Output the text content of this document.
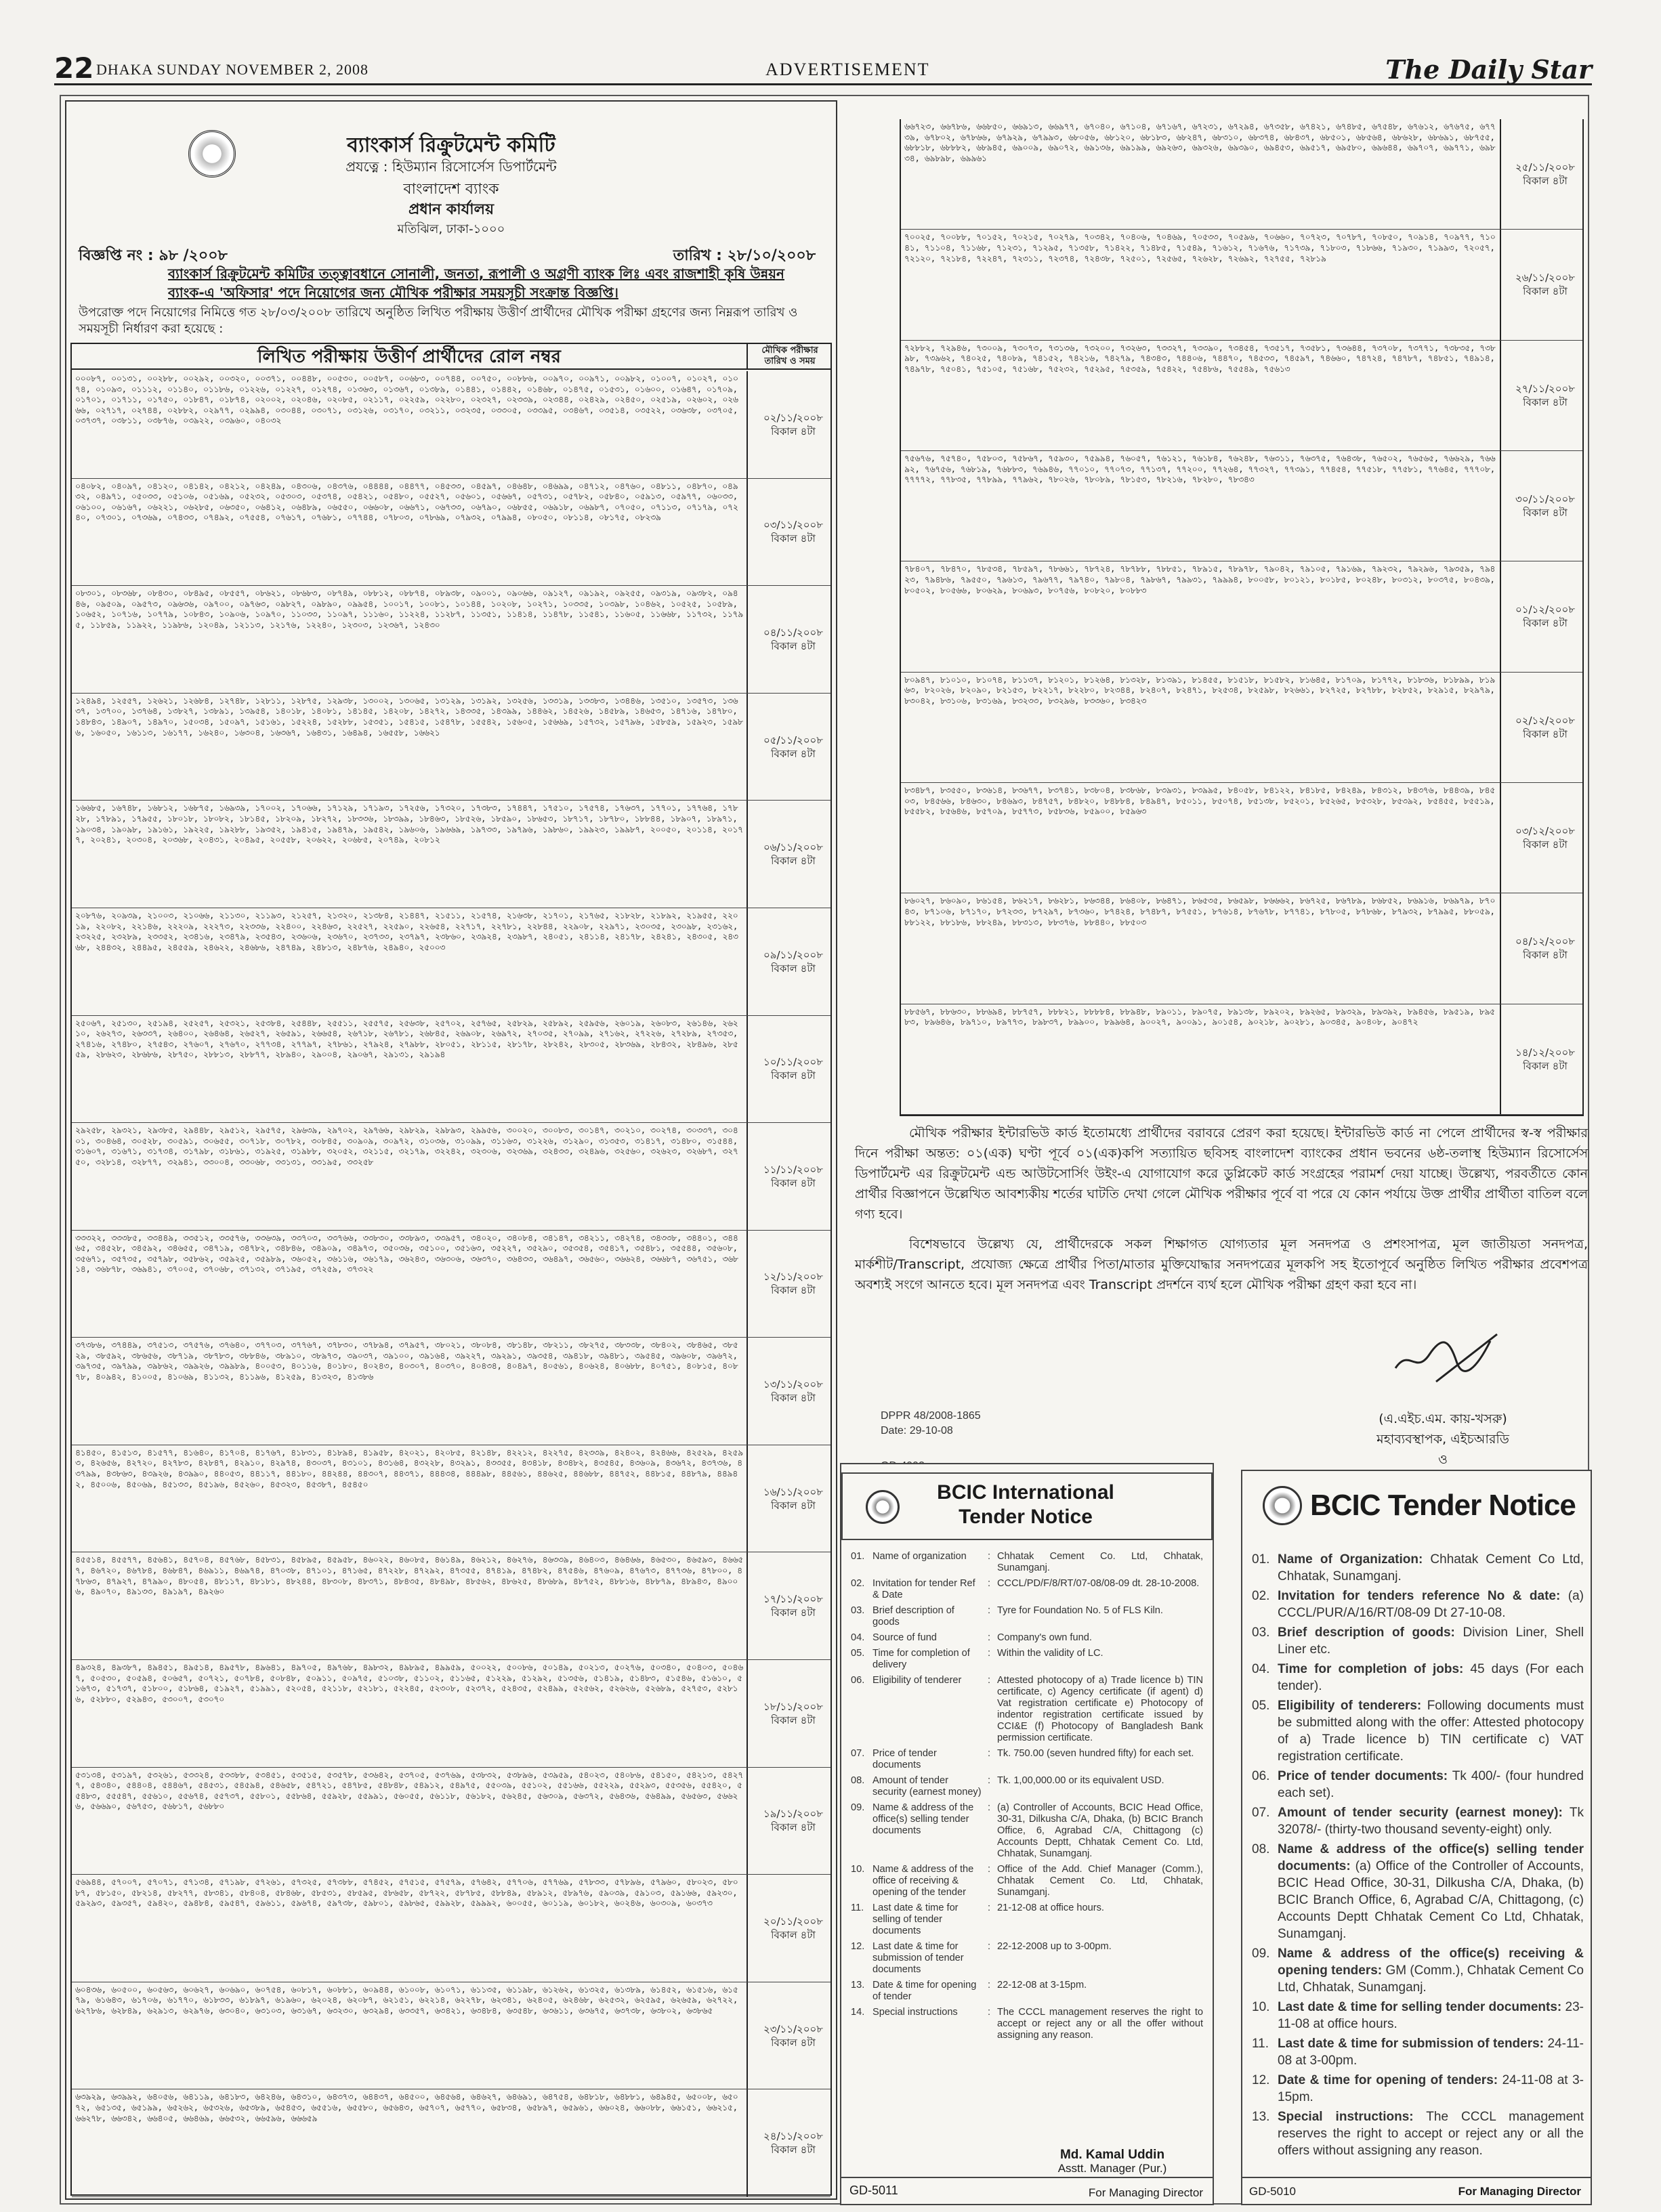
22 DHAKA SUNDAY NOVEMBER 2, 2008	ADVERTISEMENT	The Daily Star
ব্যাংকার্স রিক্রুটমেন্ট কমিটি
প্রযত্নে : হিউম্যান রিসোর্সেস ডিপার্টমেন্ট
বাংলাদেশ ব্যাংক
প্রধান কার্যালয়
মতিঝিল, ঢাকা-১০০০
বিজ্ঞপ্তি নং : ৯৮ /২০০৮	তারিখ : ২৮/১০/২০০৮
ব্যাংকার্স রিক্রুটমেন্ট কমিটির তত্ত্বাবধানে সোনালী, জনতা, রূপালী ও অগ্রণী ব্যাংক লিঃ এবং রাজশাহী কৃষি উন্নয়ন ব্যাংক-এ 'অফিসার' পদে নিয়োগের জন্য মৌখিক পরীক্ষার সময়সূচী সংক্রান্ত বিজ্ঞপ্তি।
উপরোক্ত পদে নিয়োগের নিমিত্তে গত ২৮/০৩/২০০৮ তারিখে অনুষ্ঠিত লিখিত পরীক্ষায় উত্তীর্ণ প্রার্থীদের মৌখিক পরীক্ষা গ্রহণের জন্য নিম্নরূপ তারিখ ও সময়সূচী নির্ধারণ করা হয়েছে :
লিখিত পরীক্ষায় উত্তীর্ণ প্রার্থীদের রোল নম্বর	মৌখিক পরীক্ষার তারিখ ও সময়
০০০৮৭, ০০১৩১, ০০২৮৮, ০০২৯২, ০০৩২০, ০০৩৭১, ০০৪৪৮, ০০৫৩০, ০০৫৮৭, ০০৬৮৩, ০০৭৪৪, ০০৭৫০, ০০৮৮৬, ০০৯৭০, ০০৯৭১, ০০৯৮২, ০১০০৭, ০১০২৭, ০১০৭৪, ০১০৯৩, ০১১১২, ০১১৪০, ০১১৮৬, ০১২২৬, ০১২২৭, ০১২৭৪, ০১৩৬৩, ০১৩৬৭, ০১৩৮৯, ০১৪৪১, ০১৪৪২, ০১৪৬৮, ০১৪৭৫, ০১৫৩১, ০১৬০০, ০১৬৪৭, ০১৭০৯, ০১৭০১, ০১৭১১, ০১৭৫০, ০১৮৪৭, ০১৮৭৪, ০২০০২, ০২০৪৬, ০২০৮৫, ০২১১৭, ০২২৫৯, ০২২৮০, ০২৩২৭, ০২৩৩৯, ০২৩৪৪, ০২৪২৯, ০২৪৫০, ০২৫১৯, ০২৬০২, ০২৬৬৬, ০২৭১৭, ০২৭৪৪, ০২৮৮২, ০২৯৭৭, ০২৯৯৪, ০৩০৪৪, ০৩০৭১, ০৩১২৬, ০৩১৭০, ০৩২১১, ০৩২৩৫, ০৩৩০৫, ০৩৩৯৫, ০৩৪৬৭, ০৩৫১৪, ০৩৫২২, ০৩৬৩৮, ০৩৭০৫, ০৩৭৩৭, ০৩৮১১, ০৩৮৭৬, ০৩৯২২, ০৩৯৬০, ০৪০৩২	০২/১১/২০০৮
বিকাল ৪টা
০৪০৮২, ০৪০৯৭, ০৪১২০, ০৪১৪২, ০৪২১২, ০৪২৪৯, ০৪৩০৬, ০৪৩৭৬, ০৪৪৪৪, ০৪৪৭৭, ০৪৫৩৩, ০৪৫৯৭, ০৪৬৪৮, ০৪৬৯৯, ০৪৭১২, ০৪৭৬০, ০৪৮১১, ০৪৮৭০, ০৪৯৩২, ০৪৯৭১, ০৫০৩৩, ০৫১০৬, ০৫১৬৯, ০৫২৩২, ০৫৩০৩, ০৫৩৭৪, ০৫৪২১, ০৫৪৮০, ০৫৫২৭, ০৫৬০১, ০৫৬৬৭, ০৫৭৩১, ০৫৭৮২, ০৫৮৪০, ০৫৯১৩, ০৫৯৭৭, ০৬০৩৩, ০৬১০০, ০৬১৬৭, ০৬২২১, ০৬২৮৫, ০৬৩৫০, ০৬৪১২, ০৬৪৮৯, ০৬৫৫০, ০৬৬০৮, ০৬৬৭১, ০৬৭৩৩, ০৬৭৯০, ০৬৮৫৫, ০৬৯১৮, ০৬৯৮৭, ০৭০৫০, ০৭১১৩, ০৭১৭৯, ০৭২৪০, ০৭৩০১, ০৭৩৬৯, ০৭৪৩৩, ০৭৪৯২, ০৭৫৫৪, ০৭৬১৭, ০৭৬৮১, ০৭৭৪৪, ০৭৮০৩, ০৭৮৬৯, ০৭৯৩২, ০৭৯৯৪, ০৮০৫০, ০৮১১৪, ০৮১৭৫, ০৮২৩৯
০৩/১১/২০০৮
বিকাল ৪টা
০৮৩০১, ০৮৩৬৮, ০৮৪৩০, ০৮৪৯৫, ০৮৫৫৭, ০৮৬২১, ০৮৬৮৩, ০৮৭৪৯, ০৮৮১২, ০৮৮৭৪, ০৮৯৩৮, ০৯০০১, ০৯০৬৬, ০৯১২৭, ০৯১৯২, ০৯২৫৫, ০৯৩১৯, ০৯৩৮২, ০৯৪৪৬, ০৯৫০৯, ০৯৫৭৩, ০৯৬৩৬, ০৯৭০০, ০৯৭৬৩, ০৯৮২৭, ০৯৮৯০, ০৯৯৫৪, ১০০১৭, ১০০৮১, ১০১৪৪, ১০২০৮, ১০২৭১, ১০৩৩৫, ১০৩৯৮, ১০৪৬২, ১০৫২৫, ১০৫৮৯, ১০৬৫২, ১০৭১৬, ১০৭৭৯, ১০৮৪৩, ১০৯০৬, ১০৯৭০, ১১০৩৩, ১১০৯৭, ১১১৬০, ১১২২৪, ১১২৮৭, ১১৩৫১, ১১৪১৪, ১১৪৭৮, ১১৫৪১, ১১৬০৫, ১১৬৬৮, ১১৭৩২, ১১৭৯৫, ১১৮৫৯, ১১৯২২, ১১৯৮৬, ১২০৪৯, ১২১১৩, ১২১৭৬, ১২২৪০, ১২৩০৩, ১২৩৬৭, ১২৪৩০
০৪/১১/২০০৮
বিকাল ৪টা
১২৪৯৪, ১২৫৫৭, ১২৬২১, ১২৬৮৪, ১২৭৪৮, ১২৮১১, ১২৮৭৫, ১২৯৩৮, ১৩০০২, ১৩০৬৫, ১৩১২৯, ১৩১৯২, ১৩২৫৬, ১৩৩১৯, ১৩৩৮৩, ১৩৪৪৬, ১৩৫১০, ১৩৫৭৩, ১৩৬৩৭, ১৩৭০০, ১৩৭৬৪, ১৩৮২৭, ১৩৮৯১, ১৩৯৫৪, ১৪০১৮, ১৪০৮১, ১৪১৪৫, ১৪২০৮, ১৪২৭২, ১৪৩৩৫, ১৪৩৯৯, ১৪৪৬২, ১৪৫২৬, ১৪৫৮৯, ১৪৬৫৩, ১৪৭১৬, ১৪৭৮০, ১৪৮৪৩, ১৪৯০৭, ১৪৯৭০, ১৫০৩৪, ১৫০৯৭, ১৫১৬১, ১৫২২৪, ১৫২৮৮, ১৫৩৫১, ১৫৪১৫, ১৫৪৭৮, ১৫৫৪২, ১৫৬০৫, ১৫৬৬৯, ১৫৭৩২, ১৫৭৯৬, ১৫৮৫৯, ১৫৯২৩, ১৫৯৮৬, ১৬০৫০, ১৬১১৩, ১৬১৭৭, ১৬২৪০, ১৬৩০৪, ১৬৩৬৭, ১৬৪৩১, ১৬৪৯৪, ১৬৫৫৮, ১৬৬২১
০৫/১১/২০০৮
বিকাল ৪টা
১৬৬৮৫, ১৬৭৪৮, ১৬৮১২, ১৬৮৭৫, ১৬৯৩৯, ১৭০০২, ১৭০৬৬, ১৭১২৯, ১৭১৯৩, ১৭২৫৬, ১৭৩২০, ১৭৩৮৩, ১৭৪৪৭, ১৭৫১০, ১৭৫৭৪, ১৭৬৩৭, ১৭৭০১, ১৭৭৬৪, ১৭৮২৮, ১৭৮৯১, ১৭৯৫৫, ১৮০১৮, ১৮০৮২, ১৮১৪৫, ১৮২০৯, ১৮২৭২, ১৮৩৩৬, ১৮৩৯৯, ১৮৪৬৩, ১৮৫২৬, ১৮৫৯০, ১৮৬৫৩, ১৮৭১৭, ১৮৭৮০, ১৮৮৪৪, ১৮৯০৭, ১৮৯৭১, ১৯০৩৪, ১৯০৯৮, ১৯১৬১, ১৯২২৫, ১৯২৮৮, ১৯৩৫২, ১৯৪১৫, ১৯৪৭৯, ১৯৫৪২, ১৯৬০৬, ১৯৬৬৯, ১৯৭৩৩, ১৯৭৯৬, ১৯৮৬০, ১৯৯২৩, ১৯৯৮৭, ২০০৫০, ২০১১৪, ২০১৭৭, ২০২৪১, ২০৩০৪, ২০৩৬৮, ২০৪৩১, ২০৪৯৫, ২০৫৫৮, ২০৬২২, ২০৬৮৫, ২০৭৪৯, ২০৮১২
০৬/১১/২০০৮
বিকাল ৪টা
২০৮৭৬, ২০৯৩৯, ২১০০৩, ২১০৬৬, ২১১৩০, ২১১৯৩, ২১২৫৭, ২১৩২০, ২১৩৮৪, ২১৪৪৭, ২১৫১১, ২১৫৭৪, ২১৬৩৮, ২১৭০১, ২১৭৬৫, ২১৮২৮, ২১৮৯২, ২১৯৫৫, ২২০১৯, ২২০৮২, ২২১৪৬, ২২২০৯, ২২২৭৩, ২২৩৩৬, ২২৪০০, ২২৪৬৩, ২২৫২৭, ২২৫৯০, ২২৬৫৪, ২২৭১৭, ২২৭৮১, ২২৮৪৪, ২২৯০৮, ২২৯৭১, ২৩০৩৫, ২৩০৯৮, ২৩১৬২, ২৩২২৫, ২৩২৮৯, ২৩৩৫২, ২৩৪১৬, ২৩৪৭৯, ২৩৫৪৩, ২৩৬০৬, ২৩৬৭০, ২৩৭৩৩, ২৩৭৯৭, ২৩৮৬০, ২৩৯২৪, ২৩৯৮৭, ২৪০৫১, ২৪১১৪, ২৪১৭৮, ২৪২৪১, ২৪৩০৫, ২৪৩৬৮, ২৪৪৩২, ২৪৪৯৫, ২৪৫৫৯, ২৪৬২২, ২৪৬৮৬, ২৪৭৪৯, ২৪৮১৩, ২৪৮৭৬, ২৪৯৪০, ২৫০০৩
০৯/১১/২০০৮
বিকাল ৪টা
২৫০৬৭, ২৫১৩০, ২৫১৯৪, ২৫২৫৭, ২৫৩২১, ২৫৩৮৪, ২৫৪৪৮, ২৫৫১১, ২৫৫৭৫, ২৫৬৩৮, ২৫৭০২, ২৫৭৬৫, ২৫৮২৯, ২৫৮৯২, ২৫৯৫৬, ২৬০১৯, ২৬০৮৩, ২৬১৪৬, ২৬২১০, ২৬২৭৩, ২৬৩৩৭, ২৬৪০০, ২৬৪৬৪, ২৬৫২৭, ২৬৫৯১, ২৬৬৫৪, ২৬৭১৮, ২৬৭৮১, ২৬৮৪৫, ২৬৯০৮, ২৬৯৭২, ২৭০৩৫, ২৭০৯৯, ২৭১৬২, ২৭২২৬, ২৭২৮৯, ২৭৩৫৩, ২৭৪১৬, ২৭৪৮০, ২৭৫৪৩, ২৭৬০৭, ২৭৬৭০, ২৭৭৩৪, ২৭৭৯৭, ২৭৮৬১, ২৭৯২৪, ২৭৯৮৮, ২৮০৫১, ২৮১১৫, ২৮১৭৮, ২৮২৪২, ২৮৩০৫, ২৮৩৬৯, ২৮৪৩২, ২৮৪৯৬, ২৮৫৫৯, ২৮৬২৩, ২৮৬৮৬, ২৮৭৫০, ২৮৮১৩, ২৮৮৭৭, ২৮৯৪০, ২৯০০৪, ২৯০৬৭, ২৯১৩১, ২৯১৯৪
১০/১১/২০০৮
বিকাল ৪টা
২৯২৫৮, ২৯৩২১, ২৯৩৮৫, ২৯৪৪৮, ২৯৫১২, ২৯৫৭৫, ২৯৬৩৯, ২৯৭০২, ২৯৭৬৬, ২৯৮২৯, ২৯৮৯৩, ২৯৯৫৬, ৩০০২০, ৩০০৮৩, ৩০১৪৭, ৩০২১০, ৩০২৭৪, ৩০৩৩৭, ৩০৪০১, ৩০৪৬৪, ৩০৫২৮, ৩০৫৯১, ৩০৬৫৫, ৩০৭১৮, ৩০৭৮২, ৩০৮৪৫, ৩০৯০৯, ৩০৯৭২, ৩১০৩৬, ৩১০৯৯, ৩১১৬৩, ৩১২২৬, ৩১২৯০, ৩১৩৫৩, ৩১৪১৭, ৩১৪৮০, ৩১৫৪৪, ৩১৬০৭, ৩১৬৭১, ৩১৭৩৪, ৩১৭৯৮, ৩১৮৬১, ৩১৯২৫, ৩১৯৮৮, ৩২০৫২, ৩২১১৫, ৩২১৭৯, ৩২২৪২, ৩২৩০৬, ৩২৩৬৯, ৩২৪৩৩, ৩২৪৯৬, ৩২৫৬০, ৩২৬২৩, ৩২৬৮৭, ৩২৭৫০, ৩২৮১৪, ৩২৮৭৭, ৩২৯৪১, ৩৩০০৪, ৩৩০৬৮, ৩৩১৩১, ৩৩১৯৫, ৩৩২৫৮
১১/১১/২০০৮
বিকাল ৪টা
৩৩৩২২, ৩৩৩৮৫, ৩৩৪৪৯, ৩৩৫১২, ৩৩৫৭৬, ৩৩৬৩৯, ৩৩৭০৩, ৩৩৭৬৬, ৩৩৮৩০, ৩৩৮৯৩, ৩৩৯৫৭, ৩৪০২০, ৩৪০৮৪, ৩৪১৪৭, ৩৪২১১, ৩৪২৭৪, ৩৪৩৩৮, ৩৪৪০১, ৩৪৪৬৫, ৩৪৫২৮, ৩৪৫৯২, ৩৪৬৫৫, ৩৪৭১৯, ৩৪৭৮২, ৩৪৮৪৬, ৩৪৯০৯, ৩৪৯৭৩, ৩৫০৩৬, ৩৫১০০, ৩৫১৬৩, ৩৫২২৭, ৩৫২৯০, ৩৫৩৫৪, ৩৫৪১৭, ৩৫৪৮১, ৩৫৫৪৪, ৩৫৬০৮, ৩৫৬৭১, ৩৫৭৩৫, ৩৫৭৯৮, ৩৫৮৬২, ৩৫৯২৫, ৩৫৯৮৯, ৩৬০৫২, ৩৬১১৬, ৩৬১৭৯, ৩৬২৪৩, ৩৬৩০৬, ৩৬৩৭০, ৩৬৪৩৩, ৩৬৪৯৭, ৩৬৫৬০, ৩৬৬২৪, ৩৬৬৮৭, ৩৬৭৫১, ৩৬৮১৪, ৩৬৮৭৮, ৩৬৯৪১, ৩৭০০৫, ৩৭০৬৮, ৩৭১৩২, ৩৭১৯৫, ৩৭২৫৯, ৩৭৩২২
১২/১১/২০০৮
বিকাল ৪টা
৩৭৩৮৬, ৩৭৪৪৯, ৩৭৫১৩, ৩৭৫৭৬, ৩৭৬৪০, ৩৭৭০৩, ৩৭৭৬৭, ৩৭৮৩০, ৩৭৮৯৪, ৩৭৯৫৭, ৩৮০২১, ৩৮০৮৪, ৩৮১৪৮, ৩৮২১১, ৩৮২৭৫, ৩৮৩৩৮, ৩৮৪০২, ৩৮৪৬৫, ৩৮৫২৯, ৩৮৫৯২, ৩৮৬৫৬, ৩৮৭১৯, ৩৮৭৮৩, ৩৮৮৪৬, ৩৮৯১০, ৩৮৯৭৩, ৩৯০৩৭, ৩৯১০০, ৩৯১৬৪, ৩৯২২৭, ৩৯২৯১, ৩৯৩৫৪, ৩৯৪১৮, ৩৯৪৮১, ৩৯৫৪৫, ৩৯৬০৮, ৩৯৬৭২, ৩৯৭৩৫, ৩৯৭৯৯, ৩৯৮৬২, ৩৯৯২৬, ৩৯৯৮৯, ৪০০৫৩, ৪০১১৬, ৪০১৮০, ৪০২৪৩, ৪০৩০৭, ৪০৩৭০, ৪০৪৩৪, ৪০৪৯৭, ৪০৫৬১, ৪০৬২৪, ৪০৬৮৮, ৪০৭৫১, ৪০৮১৫, ৪০৮৭৮, ৪০৯৪২, ৪১০০৫, ৪১০৬৯, ৪১১৩২, ৪১১৯৬, ৪১২৫৯, ৪১৩২৩, ৪১৩৮৬
১৩/১১/২০০৮
বিকাল ৪টা
৪১৪৫০, ৪১৫১৩, ৪১৫৭৭, ৪১৬৪০, ৪১৭০৪, ৪১৭৬৭, ৪১৮৩১, ৪১৮৯৪, ৪১৯৫৮, ৪২০২১, ৪২০৮৫, ৪২১৪৮, ৪২২১২, ৪২২৭৫, ৪২৩৩৯, ৪২৪০২, ৪২৪৬৬, ৪২৫২৯, ৪২৫৯৩, ৪২৬৫৬, ৪২৭২০, ৪২৭৮৩, ৪২৮৪৭, ৪২৯১০, ৪২৯৭৪, ৪৩০৩৭, ৪৩১০১, ৪৩১৬৪, ৪৩২২৮, ৪৩২৯১, ৪৩৩৫৫, ৪৩৪১৮, ৪৩৪৮২, ৪৩৫৪৫, ৪৩৬০৯, ৪৩৬৭২, ৪৩৭৩৬, ৪৩৭৯৯, ৪৩৮৬৩, ৪৩৯২৬, ৪৩৯৯০, ৪৪০৫৩, ৪৪১১৭, ৪৪১৮০, ৪৪২৪৪, ৪৪৩০৭, ৪৪৩৭১, ৪৪৪৩৪, ৪৪৪৯৮, ৪৪৫৬১, ৪৪৬২৫, ৪৪৬৮৮, ৪৪৭৫২, ৪৪৮১৫, ৪৪৮৭৯, ৪৪৯৪২, ৪৫০০৬, ৪৫০৬৯, ৪৫১৩৩, ৪৫১৯৬, ৪৫২৬০, ৪৫৩২৩, ৪৫৩৮৭, ৪৫৪৫০
১৬/১১/২০০৮
বিকাল ৪টা
৪৫৫১৪, ৪৫৫৭৭, ৪৫৬৪১, ৪৫৭০৪, ৪৫৭৬৮, ৪৫৮৩১, ৪৫৮৯৫, ৪৫৯৫৮, ৪৬০২২, ৪৬০৮৫, ৪৬১৪৯, ৪৬২১২, ৪৬২৭৬, ৪৬৩৩৯, ৪৬৪০৩, ৪৬৪৬৬, ৪৬৫৩০, ৪৬৫৯৩, ৪৬৬৫৭, ৪৬৭২০, ৪৬৭৮৪, ৪৬৮৪৭, ৪৬৯১১, ৪৬৯৭৪, ৪৭০৩৮, ৪৭১০১, ৪৭১৬৫, ৪৭২২৮, ৪৭২৯২, ৪৭৩৫৫, ৪৭৪১৯, ৪৭৪৮২, ৪৭৫৪৬, ৪৭৬০৯, ৪৭৬৭৩, ৪৭৭৩৬, ৪৭৮০০, ৪৭৮৬৩, ৪৭৯২৭, ৪৭৯৯০, ৪৮০৫৪, ৪৮১১৭, ৪৮১৮১, ৪৮২৪৪, ৪৮৩০৮, ৪৮৩৭১, ৪৮৪৩৫, ৪৮৪৯৮, ৪৮৫৬২, ৪৮৬২৫, ৪৮৬৮৯, ৪৮৭৫২, ৪৮৮১৬, ৪৮৮৭৯, ৪৮৯৪৩, ৪৯০০৬, ৪৯০৭০, ৪৯১৩৩, ৪৯১৯৭, ৪৯২৬০
১৭/১১/২০০৮
বিকাল ৪টা
৪৯৩২৪, ৪৯৩৮৭, ৪৯৪৫১, ৪৯৫১৪, ৪৯৫৭৮, ৪৯৬৪১, ৪৯৭০৫, ৪৯৭৬৮, ৪৯৮৩২, ৪৯৮৯৫, ৪৯৯৫৯, ৫০০২২, ৫০০৮৬, ৫০১৪৯, ৫০২১৩, ৫০২৭৬, ৫০৩৪০, ৫০৪০৩, ৫০৪৬৭, ৫০৫৩০, ৫০৫৯৪, ৫০৬৫৭, ৫০৭২১, ৫০৭৮৪, ৫০৮৪৮, ৫০৯১১, ৫০৯৭৫, ৫১০৩৮, ৫১১০২, ৫১১৬৫, ৫১২২৯, ৫১২৯২, ৫১৩৫৬, ৫১৪১৯, ৫১৪৮৩, ৫১৫৪৬, ৫১৬১০, ৫১৬৭৩, ৫১৭৩৭, ৫১৮০০, ৫১৮৬৪, ৫১৯২৭, ৫১৯৯১, ৫২০৫৪, ৫২১১৮, ৫২১৮১, ৫২২৪৫, ৫২৩০৮, ৫২৩৭২, ৫২৪৩৫, ৫২৪৯৯, ৫২৫৬২, ৫২৬২৬, ৫২৬৮৯, ৫২৭৫৩, ৫২৮১৬, ৫২৮৮০, ৫২৯৪৩, ৫৩০০৭, ৫৩০৭০
১৮/১১/২০০৮
বিকাল ৪টা
৫৩১৩৪, ৫৩১৯৭, ৫৩২৬১, ৫৩৩২৪, ৫৩৩৮৮, ৫৩৪৫১, ৫৩৫১৫, ৫৩৫৭৮, ৫৩৬৪২, ৫৩৭০৫, ৫৩৭৬৯, ৫৩৮৩২, ৫৩৮৯৬, ৫৩৯৫৯, ৫৪০২৩, ৫৪০৮৬, ৫৪১৫০, ৫৪২১৩, ৫৪২৭৭, ৫৪৩৪০, ৫৪৪০৪, ৫৪৪৬৭, ৫৪৫৩১, ৫৪৫৯৪, ৫৪৬৫৮, ৫৪৭২১, ৫৪৭৮৫, ৫৪৮৪৮, ৫৪৯১২, ৫৪৯৭৫, ৫৫০৩৯, ৫৫১০২, ৫৫১৬৬, ৫৫২২৯, ৫৫২৯৩, ৫৫৩৫৬, ৫৫৪২০, ৫৫৪৮৩, ৫৫৫৪৭, ৫৫৬১০, ৫৫৬৭৪, ৫৫৭৩৭, ৫৫৮০১, ৫৫৮৬৪, ৫৫৯২৮, ৫৫৯৯১, ৫৬০৫৫, ৫৬১১৮, ৫৬১৮২, ৫৬২৪৫, ৫৬৩০৯, ৫৬৩৭২, ৫৬৪৩৬, ৫৬৪৯৯, ৫৬৫৬৩, ৫৬৬২৬, ৫৬৬৯০, ৫৬৭৫৩, ৫৬৮১৭, ৫৬৮৮০
১৯/১১/২০০৮
বিকাল ৪টা
৫৬৯৪৪, ৫৭০০৭, ৫৭০৭১, ৫৭১৩৪, ৫৭১৯৮, ৫৭২৬১, ৫৭৩২৫, ৫৭৩৮৮, ৫৭৪৫২, ৫৭৫১৫, ৫৭৫৭৯, ৫৭৬৪২, ৫৭৭০৬, ৫৭৭৬৯, ৫৭৮৩৩, ৫৭৮৯৬, ৫৭৯৬০, ৫৮০২৩, ৫৮০৮৭, ৫৮১৫০, ৫৮২১৪, ৫৮২৭৭, ৫৮৩৪১, ৫৮৪০৪, ৫৮৪৬৮, ৫৮৫৩১, ৫৮৫৯৫, ৫৮৬৫৮, ৫৮৭২২, ৫৮৭৮৫, ৫৮৮৪৯, ৫৮৯১২, ৫৮৯৭৬, ৫৯০৩৯, ৫৯১০৩, ৫৯১৬৬, ৫৯২৩০, ৫৯২৯৩, ৫৯৩৫৭, ৫৯৪২০, ৫৯৪৮৪, ৫৯৫৪৭, ৫৯৬১১, ৫৯৬৭৪, ৫৯৭৩৮, ৫৯৮০১, ৫৯৮৬৫, ৫৯৯২৮, ৫৯৯৯২, ৬০০৫৫, ৬০১১৯, ৬০১৮২, ৬০২৪৬, ৬০৩০৯, ৬০৩৭৩
২০/১১/২০০৮
বিকাল ৪টা
৬০৪৩৬, ৬০৫০০, ৬০৫৬৩, ৬০৬২৭, ৬০৬৯০, ৬০৭৫৪, ৬০৮১৭, ৬০৮৮১, ৬০৯৪৪, ৬১০০৮, ৬১০৭১, ৬১১৩৫, ৬১১৯৮, ৬১২৬২, ৬১৩২৫, ৬১৩৮৯, ৬১৪৫২, ৬১৫১৬, ৬১৫৭৯, ৬১৬৪৩, ৬১৭০৬, ৬১৭৭০, ৬১৮৩৩, ৬১৮৯৭, ৬১৯৬০, ৬২০২৪, ৬২০৮৭, ৬২১৫১, ৬২২১৪, ৬২২৭৮, ৬২৩৪১, ৬২৪০৫, ৬২৪৬৮, ৬২৫৩২, ৬২৫৯৫, ৬২৬৫৯, ৬২৭২২, ৬২৭৮৬, ৬২৮৪৯, ৬২৯১৩, ৬২৯৭৬, ৬৩০৪০, ৬৩১০৩, ৬৩১৬৭, ৬৩২৩০, ৬৩২৯৪, ৬৩৩৫৭, ৬৩৪২১, ৬৩৪৮৪, ৬৩৫৪৮, ৬৩৬১১, ৬৩৬৭৫, ৬৩৭৩৮, ৬৩৮০২, ৬৩৮৬৫
২৩/১১/২০০৮
বিকাল ৪টা
৬৩৯২৯, ৬৩৯৯২, ৬৪০৫৬, ৬৪১১৯, ৬৪১৮৩, ৬৪২৪৬, ৬৪৩১০, ৬৪৩৭৩, ৬৪৪৩৭, ৬৪৫০০, ৬৪৫৬৪, ৬৪৬২৭, ৬৪৬৯১, ৬৪৭৫৪, ৬৪৮১৮, ৬৪৮৮১, ৬৪৯৪৫, ৬৫০০৮, ৬৫০৭২, ৬৫১৩৫, ৬৫১৯৯, ৬৫২৬২, ৬৫৩২৬, ৬৫৩৮৯, ৬৫৪৫৩, ৬৫৫১৬, ৬৫৫৮০, ৬৫৬৪৩, ৬৫৭০৭, ৬৫৭৭০, ৬৫৮৩৪, ৬৫৮৯৭, ৬৫৯৬১, ৬৬০২৪, ৬৬০৮৮, ৬৬১৫১, ৬৬২১৫, ৬৬২৭৮, ৬৬৩৪২, ৬৬৪০৫, ৬৬৪৬৯, ৬৬৫৩২, ৬৬৫৯৬, ৬৬৬৫৯
২৪/১১/২০০৮
বিকাল ৪টা
৬৬৭২৩, ৬৬৭৮৬, ৬৬৮৫০, ৬৬৯১৩, ৬৬৯৭৭, ৬৭০৪০, ৬৭১০৪, ৬৭১৬৭, ৬৭২৩১, ৬৭২৯৪, ৬৭৩৫৮, ৬৭৪২১, ৬৭৪৮৫, ৬৭৫৪৮, ৬৭৬১২, ৬৭৬৭৫, ৬৭৭৩৯, ৬৭৮০২, ৬৭৮৬৬, ৬৭৯২৯, ৬৭৯৯৩, ৬৮০৫৬, ৬৮১২০, ৬৮১৮৩, ৬৮২৪৭, ৬৮৩১০, ৬৮৩৭৪, ৬৮৪৩৭, ৬৮৫০১, ৬৮৫৬৪, ৬৮৬২৮, ৬৮৬৯১, ৬৮৭৫৫, ৬৮৮১৮, ৬৮৮৮২, ৬৮৯৪৫, ৬৯০০৯, ৬৯০৭২, ৬৯১৩৬, ৬৯১৯৯, ৬৯২৬৩, ৬৯৩২৬, ৬৯৩৯০, ৬৯৪৫৩, ৬৯৫১৭, ৬৯৫৮০, ৬৯৬৪৪, ৬৯৭০৭, ৬৯৭৭১, ৬৯৮৩৪, ৬৯৮৯৮, ৬৯৯৬১
২৫/১১/২০০৮
বিকাল ৪টা
৭০০২৫, ৭০০৮৮, ৭০১৫২, ৭০২১৫, ৭০২৭৯, ৭০৩৪২, ৭০৪০৬, ৭০৪৬৯, ৭০৫৩৩, ৭০৫৯৬, ৭০৬৬০, ৭০৭২৩, ৭০৭৮৭, ৭০৮৫০, ৭০৯১৪, ৭০৯৭৭, ৭১০৪১, ৭১১০৪, ৭১১৬৮, ৭১২৩১, ৭১২৯৫, ৭১৩৫৮, ৭১৪২২, ৭১৪৮৫, ৭১৫৪৯, ৭১৬১২, ৭১৬৭৬, ৭১৭৩৯, ৭১৮০৩, ৭১৮৬৬, ৭১৯৩০, ৭১৯৯৩, ৭২০৫৭, ৭২১২০, ৭২১৮৪, ৭২২৪৭, ৭২৩১১, ৭২৩৭৪, ৭২৪৩৮, ৭২৫০১, ৭২৫৬৫, ৭২৬২৮, ৭২৬৯২, ৭২৭৫৫, ৭২৮১৯
২৬/১১/২০০৮
বিকাল ৪টা
৭২৮৮২, ৭২৯৪৬, ৭৩০০৯, ৭৩০৭৩, ৭৩১৩৬, ৭৩২০০, ৭৩২৬৩, ৭৩৩২৭, ৭৩৩৯০, ৭৩৪৫৪, ৭৩৫১৭, ৭৩৫৮১, ৭৩৬৪৪, ৭৩৭০৮, ৭৩৭৭১, ৭৩৮৩৫, ৭৩৮৯৮, ৭৩৯৬২, ৭৪০২৫, ৭৪০৮৯, ৭৪১৫২, ৭৪২১৬, ৭৪২৭৯, ৭৪৩৪৩, ৭৪৪০৬, ৭৪৪৭০, ৭৪৫৩৩, ৭৪৫৯৭, ৭৪৬৬০, ৭৪৭২৪, ৭৪৭৮৭, ৭৪৮৫১, ৭৪৯১৪, ৭৪৯৭৮, ৭৫০৪১, ৭৫১০৫, ৭৫১৬৮, ৭৫২৩২, ৭৫২৯৫, ৭৫৩৫৯, ৭৫৪২২, ৭৫৪৮৬, ৭৫৫৪৯, ৭৫৬১৩
২৭/১১/২০০৮
বিকাল ৪টা
৭৫৬৭৬, ৭৫৭৪০, ৭৫৮০৩, ৭৫৮৬৭, ৭৫৯৩০, ৭৫৯৯৪, ৭৬০৫৭, ৭৬১২১, ৭৬১৮৪, ৭৬২৪৮, ৭৬৩১১, ৭৬৩৭৫, ৭৬৪৩৮, ৭৬৫০২, ৭৬৫৬৫, ৭৬৬২৯, ৭৬৬৯২, ৭৬৭৫৬, ৭৬৮১৯, ৭৬৮৮৩, ৭৬৯৪৬, ৭৭০১০, ৭৭০৭৩, ৭৭১৩৭, ৭৭২০০, ৭৭২৬৪, ৭৭৩২৭, ৭৭৩৯১, ৭৭৪৫৪, ৭৭৫১৮, ৭৭৫৮১, ৭৭৬৪৫, ৭৭৭০৮, ৭৭৭৭২, ৭৭৮৩৫, ৭৭৮৯৯, ৭৭৯৬২, ৭৮০২৬, ৭৮০৮৯, ৭৮১৫৩, ৭৮২১৬, ৭৮২৮০, ৭৮৩৪৩
৩০/১১/২০০৮
বিকাল ৪টা
৭৮৪০৭, ৭৮৪৭০, ৭৮৫৩৪, ৭৮৫৯৭, ৭৮৬৬১, ৭৮৭২৪, ৭৮৭৮৮, ৭৮৮৫১, ৭৮৯১৫, ৭৮৯৭৮, ৭৯০৪২, ৭৯১০৫, ৭৯১৬৯, ৭৯২৩২, ৭৯২৯৬, ৭৯৩৫৯, ৭৯৪২৩, ৭৯৪৮৬, ৭৯৫৫০, ৭৯৬১৩, ৭৯৬৭৭, ৭৯৭৪০, ৭৯৮০৪, ৭৯৮৬৭, ৭৯৯৩১, ৭৯৯৯৪, ৮০০৫৮, ৮০১২১, ৮০১৮৫, ৮০২৪৮, ৮০৩১২, ৮০৩৭৫, ৮০৪৩৯, ৮০৫০২, ৮০৫৬৬, ৮০৬২৯, ৮০৬৯৩, ৮০৭৫৬, ৮০৮২০, ৮০৮৮৩
০১/১২/২০০৮
বিকাল ৪টা
৮০৯৪৭, ৮১০১০, ৮১০৭৪, ৮১১৩৭, ৮১২০১, ৮১২৬৪, ৮১৩২৮, ৮১৩৯১, ৮১৪৫৫, ৮১৫১৮, ৮১৫৮২, ৮১৬৪৫, ৮১৭০৯, ৮১৭৭২, ৮১৮৩৬, ৮১৮৯৯, ৮১৯৬৩, ৮২০২৬, ৮২০৯০, ৮২১৫৩, ৮২২১৭, ৮২২৮০, ৮২৩৪৪, ৮২৪০৭, ৮২৪৭১, ৮২৫৩৪, ৮২৫৯৮, ৮২৬৬১, ৮২৭২৫, ৮২৭৮৮, ৮২৮৫২, ৮২৯১৫, ৮২৯৭৯, ৮৩০৪২, ৮৩১০৬, ৮৩১৬৯, ৮৩২৩৩, ৮৩২৯৬, ৮৩৩৬০, ৮৩৪২৩
০২/১২/২০০৮
বিকাল ৪টা
৮৩৪৮৭, ৮৩৫৫০, ৮৩৬১৪, ৮৩৬৭৭, ৮৩৭৪১, ৮৩৮০৪, ৮৩৮৬৮, ৮৩৯৩১, ৮৩৯৯৫, ৮৪০৫৮, ৮৪১২২, ৮৪১৮৫, ৮৪২৪৯, ৮৪৩১২, ৮৪৩৭৬, ৮৪৪৩৯, ৮৪৫০৩, ৮৪৫৬৬, ৮৪৬৩০, ৮৪৬৯৩, ৮৪৭৫৭, ৮৪৮২০, ৮৪৮৮৪, ৮৪৯৪৭, ৮৫০১১, ৮৫০৭৪, ৮৫১৩৮, ৮৫২০১, ৮৫২৬৫, ৮৫৩২৮, ৮৫৩৯২, ৮৫৪৫৫, ৮৫৫১৯, ৮৫৫৮২, ৮৫৬৪৬, ৮৫৭০৯, ৮৫৭৭৩, ৮৫৮৩৬, ৮৫৯০০, ৮৫৯৬৩
০৩/১২/২০০৮
বিকাল ৪টা
৮৬০২৭, ৮৬০৯০, ৮৬১৫৪, ৮৬২১৭, ৮৬২৮১, ৮৬৩৪৪, ৮৬৪০৮, ৮৬৪৭১, ৮৬৫৩৫, ৮৬৫৯৮, ৮৬৬৬২, ৮৬৭২৫, ৮৬৭৮৯, ৮৬৮৫২, ৮৬৯১৬, ৮৬৯৭৯, ৮৭০৪৩, ৮৭১০৬, ৮৭১৭০, ৮৭২৩৩, ৮৭২৯৭, ৮৭৩৬০, ৮৭৪২৪, ৮৭৪৮৭, ৮৭৫৫১, ৮৭৬১৪, ৮৭৬৭৮, ৮৭৭৪১, ৮৭৮০৫, ৮৭৮৬৮, ৮৭৯৩২, ৮৭৯৯৫, ৮৮০৫৯, ৮৮১২২, ৮৮১৮৬, ৮৮২৪৯, ৮৮৩১৩, ৮৮৩৭৬, ৮৮৪৪০, ৮৮৫০৩
০৪/১২/২০০৮
বিকাল ৪টা
৮৮৫৬৭, ৮৮৬৩০, ৮৮৬৯৪, ৮৮৭৫৭, ৮৮৮২১, ৮৮৮৮৪, ৮৮৯৪৮, ৮৯০১১, ৮৯০৭৫, ৮৯১৩৮, ৮৯২০২, ৮৯২৬৫, ৮৯৩২৯, ৮৯৩৯২, ৮৯৪৫৬, ৮৯৫১৯, ৮৯৫৮৩, ৮৯৬৪৬, ৮৯৭১০, ৮৯৭৭৩, ৮৯৮৩৭, ৮৯৯০০, ৮৯৯৬৪, ৯০০২৭, ৯০০৯১, ৯০১৫৪, ৯০২১৮, ৯০২৮১, ৯০৩৪৫, ৯০৪০৮, ৯০৪৭২
১৪/১২/২০০৮
বিকাল ৪টা

মৌখিক পরীক্ষার ইন্টারভিউ কার্ড ইতোমধ্যে প্রার্থীদের বরাবরে প্রেরণ করা হয়েছে। ইন্টারভিউ কার্ড না পেলে প্রার্থীদের স্ব-স্ব পরীক্ষার দিনে পরীক্ষা অন্তত: ০১(এক) ঘণ্টা পূর্বে ০১(এক)কপি সত্যায়িত ছবিসহ বাংলাদেশ ব্যাংকের প্রধান ভবনের ৬ষ্ঠ-তলাস্থ হিউম্যান রিসোর্সেস ডিপার্টমেন্ট এর রিক্রুটমেন্ট এন্ড আউটসোর্সিং উইং-এ যোগাযোগ করে ডুপ্লিকেট কার্ড সংগ্রহের পরামর্শ দেয়া যাচ্ছে। উল্লেখ্য, পরবর্তীতে কোন প্রার্থীর বিজ্ঞাপনে উল্লেখিত আবশ্যকীয় শর্তের ঘাটতি দেখা গেলে মৌখিক পরীক্ষার পূর্বে বা পরে যে কোন পর্যায়ে উক্ত প্রার্থীর প্রার্থীতা বাতিল বলে গণ্য হবে।

বিশেষভাবে উল্লেখ্য যে, প্রার্থীদেরকে সকল শিক্ষাগত যোগ্যতার মূল সনদপত্র ও প্রশংসাপত্র, মূল জাতীয়তা সনদপত্র, মার্কশীট/Transcript, প্রযোজ্য ক্ষেত্রে প্রার্থীর পিতা/মাতার মুক্তিযোদ্ধার সনদপত্রের মূলকপি সহ ইতোপূর্বে অনুষ্ঠিত লিখিত পরীক্ষার প্রবেশপত্র অবশ্যই সংগে আনতে হবে। মূল সনদপত্র এবং Transcript প্রদর্শনে ব্যর্থ হলে মৌখিক পরীক্ষা গ্রহণ করা হবে না।

DPPR 48/2008-1865
Date: 29-10-08
(এ.এইচ.এম. কায়-খসরু)
মহাব্যবস্থাপক, এইচআরডি
ও
BCIC International
Tender Notice
01. Name of organization	: Chhatak Cement Co. Ltd, Chhatak, Sunamganj.
02. Invitation for tender Ref & Date
: CCCL/PD/F/8/RT/07-08/08-09 dt. 28-10-2008.
03. Brief description of goods
: Tyre for Foundation No. 5 of FLS Kiln.
04. Source of fund	: Company's own fund.
05. Time for completion of delivery
: Within the validity of LC.
06. Eligibility of tenderer	: Attested photocopy of a) Trade licence b) TIN certificate, c) Agency certificate (if agent) d) Vat registration certificate e) Photocopy of indentor registration certificate issued by CCI&E (f) Photocopy of Bangladesh Bank permission certificate.
07. Price of tender documents
: Tk. 750.00 (seven hundred fifty) for each set.
08. Amount of tender security (earnest money)
: Tk. 1,00,000.00 or its equivalent USD.
09. Name & address of the office(s) selling tender documents
: (a) Controller of Accounts, BCIC Head Office, 30-31, Dilkusha C/A, Dhaka, (b) BCIC Branch Office, 6, Agrabad C/A, Chittagong (c) Accounts Deptt, Chhatak Cement Co. Ltd, Chhatak, Sunamganj.
10. Name & address of the office of receiving & opening of the tender
: Office of the Add. Chief Manager (Comm.), Chhatak Cement Co. Ltd, Chhatak, Sunamganj.
11. Last date & time for selling of tender documents
: 21-12-08 at office hours.
12. Last date & time for submission of tender documents
: 22-12-2008 up to 3-00pm.
13. Date & time for opening of tender
: 22-12-08 at 3-15pm.
14. Special instructions	: The CCCL management reserves the right to accept or reject any or all the offer without assigning any reason.
Md. Kamal Uddin
Asstt. Manager (Pur.)
GD-5011	For Managing Director
BCIC Tender Notice
01. Name of Organization: Chhatak Cement Co Ltd, Chhatak, Sunamganj.
02. Invitation for tenders reference No & date: (a) CCCL/PUR/A/16/RT/08-09 Dt 27-10-08.
03. Brief description of goods: Division Liner, Shell Liner etc.
04. Time for completion of jobs: 45 days (For each tender).
05. Eligibility of tenderers: Following documents must be submitted along with the offer: Attested photocopy of a) Trade licence b) TIN certificate c) VAT registration certificate.
06. Price of tender documents: Tk 400/- (four hundred each set).
07. Amount of tender security (earnest money): Tk 32078/- (thirty-two thousand seventy-eight) only.
08. Name & address of the office(s) selling tender documents: (a) Office of the Controller of Accounts, BCIC Head Office, 30-31, Dilkusha C/A, Dhaka, (b) BCIC Branch Office, 6, Agrabad C/A, Chittagong, (c) Accounts Deptt Chhatak Cement Co Ltd, Chhatak, Sunamganj.
09. Name & address of the office(s) receiving & opening tenders: GM (Comm.), Chhatak Cement Co Ltd, Chhatak, Sunamganj.
10. Last date & time for selling tender documents: 23-11-08 at office hours.
11. Last date & time for submission of tenders: 24-11-08 at 3-00pm.
12. Date & time for opening of tenders: 24-11-08 at 3-15pm.
13. Special instructions: The CCCL management reserves the right to accept or reject any or all the offers without assigning any reason.
GD-5010	For Managing Director
